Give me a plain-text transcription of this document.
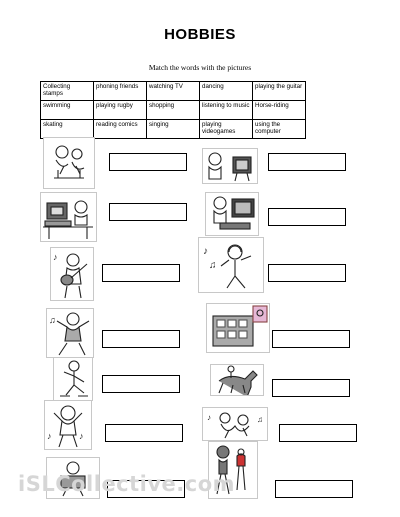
HOBBIES
Match the words with the pictures
Collecting stamps	phoning friends	watching TV	dancing	playing the guitar
swimming	playing rugby	shopping	listening to music	Horse-riding
skating	reading comics	singing	playing videogames	using the computer
♪
♫
♪	♪
♪
♫
♪	♫
iSLCollective.com
